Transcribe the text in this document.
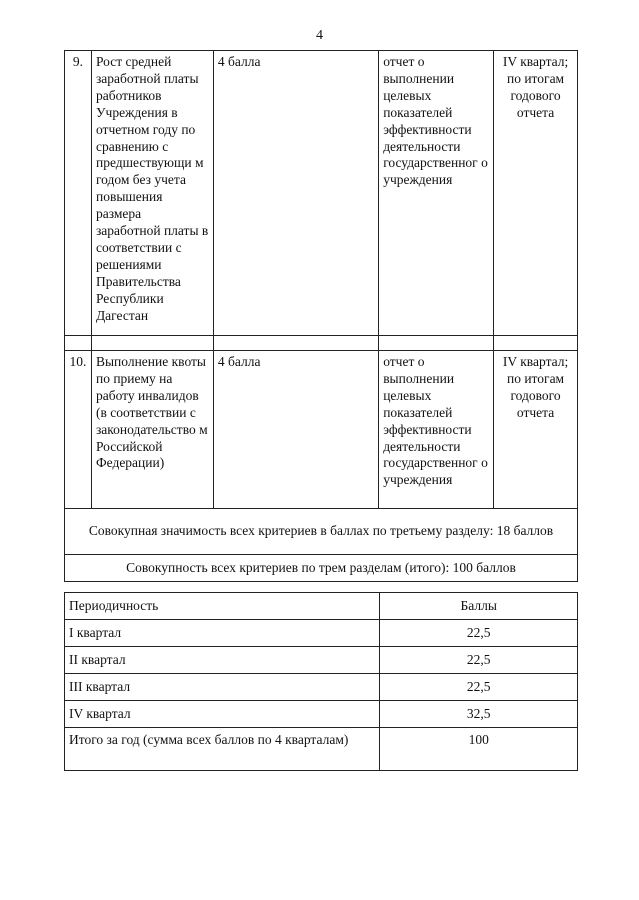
4
9.	Рост средней заработной платы работников Учреждения в отчетном году по сравнению с предшествующи м годом без учета повышения размера заработной платы в соответствии с решениями Правительства Республики Дагестан	4 балла	отчет о выполнении целевых показателей эффективности деятельности государственног о учреждения	IV квартал; по итогам годового отчета

10.	Выполнение квоты по приему на работу инвалидов (в соответствии с законодательство м Российской Федерации)	4 балла	отчет о выполнении целевых показателей эффективности деятельности государственног о учреждения	IV квартал; по итогам годового отчета
Совокупная значимость всех критериев в баллах по третьему разделу: 18 баллов				
Совокупность всех критериев по трем разделам (итого): 100 баллов				
Периодичность	Баллы
I квартал	22,5
II квартал	22,5
III квартал	22,5
IV квартал	32,5
Итого за год (сумма всех баллов по 4 кварталам)	100
